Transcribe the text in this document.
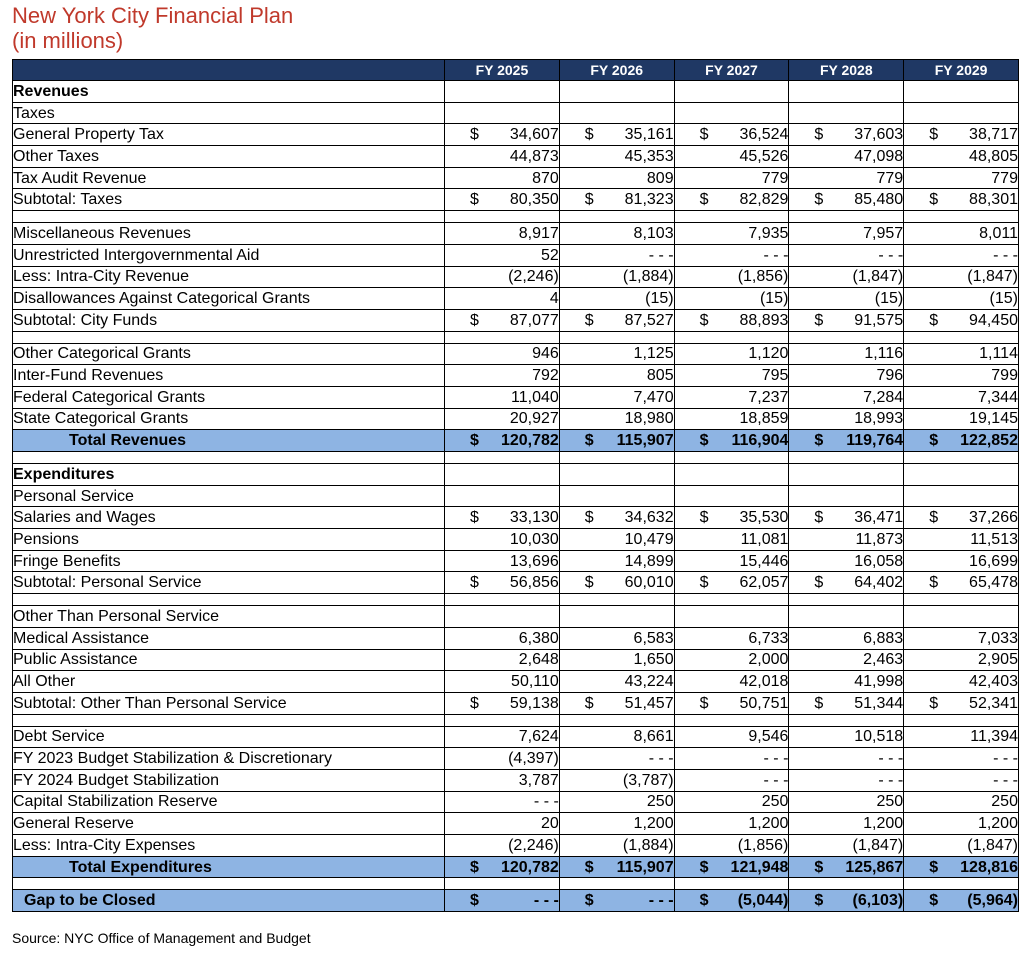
New York City Financial Plan
(in millions)
	FY 2025	FY 2026	FY 2027	FY 2028	FY 2029
Revenues					
Taxes					
General Property Tax	$ 34,607	$ 35,161	$ 36,524	$ 37,603	$ 38,717
Other Taxes	44,873	45,353	45,526	47,098	48,805
Tax Audit Revenue	870	809	779	779	779
Subtotal: Taxes	$ 80,350	$ 81,323	$ 82,829	$ 85,480	$ 88,301

Miscellaneous Revenues	8,917	8,103	7,935	7,957	8,011
Unrestricted Intergovernmental Aid	52	- - -	- - -	- - -	- - -
Less: Intra-City Revenue	(2,246)	(1,884)	(1,856)	(1,847)	(1,847)
Disallowances Against Categorical Grants	4	(15)	(15)	(15)	(15)
Subtotal: City Funds	$ 87,077	$ 87,527	$ 88,893	$ 91,575	$ 94,450

Other Categorical Grants	946	1,125	1,120	1,116	1,114
Inter-Fund Revenues	792	805	795	796	799
Federal Categorical Grants	11,040	7,470	7,237	7,284	7,344
State Categorical Grants	20,927	18,980	18,859	18,993	19,145
Total Revenues	$ 120,782	$ 115,907	$ 116,904	$ 119,764	$ 122,852

Expenditures					
Personal Service					
Salaries and Wages	$ 33,130	$ 34,632	$ 35,530	$ 36,471	$ 37,266
Pensions	10,030	10,479	11,081	11,873	11,513
Fringe Benefits	13,696	14,899	15,446	16,058	16,699
Subtotal: Personal Service	$ 56,856	$ 60,010	$ 62,057	$ 64,402	$ 65,478

Other Than Personal Service					
Medical Assistance	6,380	6,583	6,733	6,883	7,033
Public Assistance	2,648	1,650	2,000	2,463	2,905
All Other	50,110	43,224	42,018	41,998	42,403
Subtotal: Other Than Personal Service	$ 59,138	$ 51,457	$ 50,751	$ 51,344	$ 52,341

Debt Service	7,624	8,661	9,546	10,518	11,394
FY 2023 Budget Stabilization & Discretionary	(4,397)	- - -	- - -	- - -	- - -
FY 2024 Budget Stabilization	3,787	(3,787)	- - -	- - -	- - -
Capital Stabilization Reserve	- - -	250	250	250	250
General Reserve	20	1,200	1,200	1,200	1,200
Less: Intra-City Expenses	(2,246)	(1,884)	(1,856)	(1,847)	(1,847)
Total Expenditures	$ 120,782	$ 115,907	$ 121,948	$ 125,867	$ 128,816

Gap to be Closed	$ - - -	$ - - -	$ (5,044)	$ (6,103)	$ (5,964)
Source: NYC Office of Management and Budget
